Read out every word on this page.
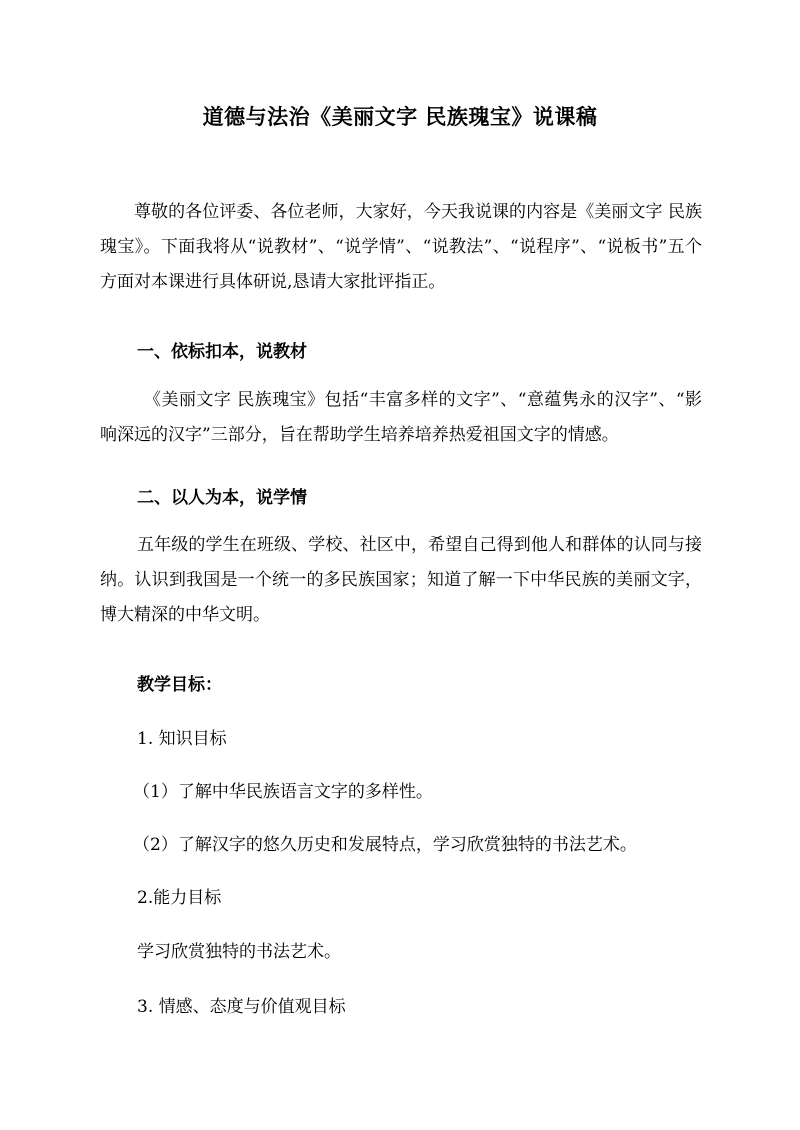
道德与法治《美丽文字 民族瑰宝》说课稿
尊敬的各位评委、各位老师，大家好，今天我说课的内容是《美丽文字 民族瑰宝》。下面我将从“说教材”、“说学情”、“说教法”、“说程序”、“说板书”五个方面对本课进行具体研说,恳请大家批评指正。
一、依标扣本，说教材
《美丽文字 民族瑰宝》包括“丰富多样的文字”、“意蕴隽永的汉字”、“影响深远的汉字”三部分，旨在帮助学生培养培养热爱祖国文字的情感。
二、以人为本，说学情
五年级的学生在班级、学校、社区中，希望自己得到他人和群体的认同与接纳。认识到我国是一个统一的多民族国家；知道了解一下中华民族的美丽文字，博大精深的中华文明。
教学目标：
1. 知识目标
（1）了解中华民族语言文字的多样性。
（2）了解汉字的悠久历史和发展特点，学习欣赏独特的书法艺术。
2.能力目标
学习欣赏独特的书法艺术。
3. 情感、态度与价值观目标
